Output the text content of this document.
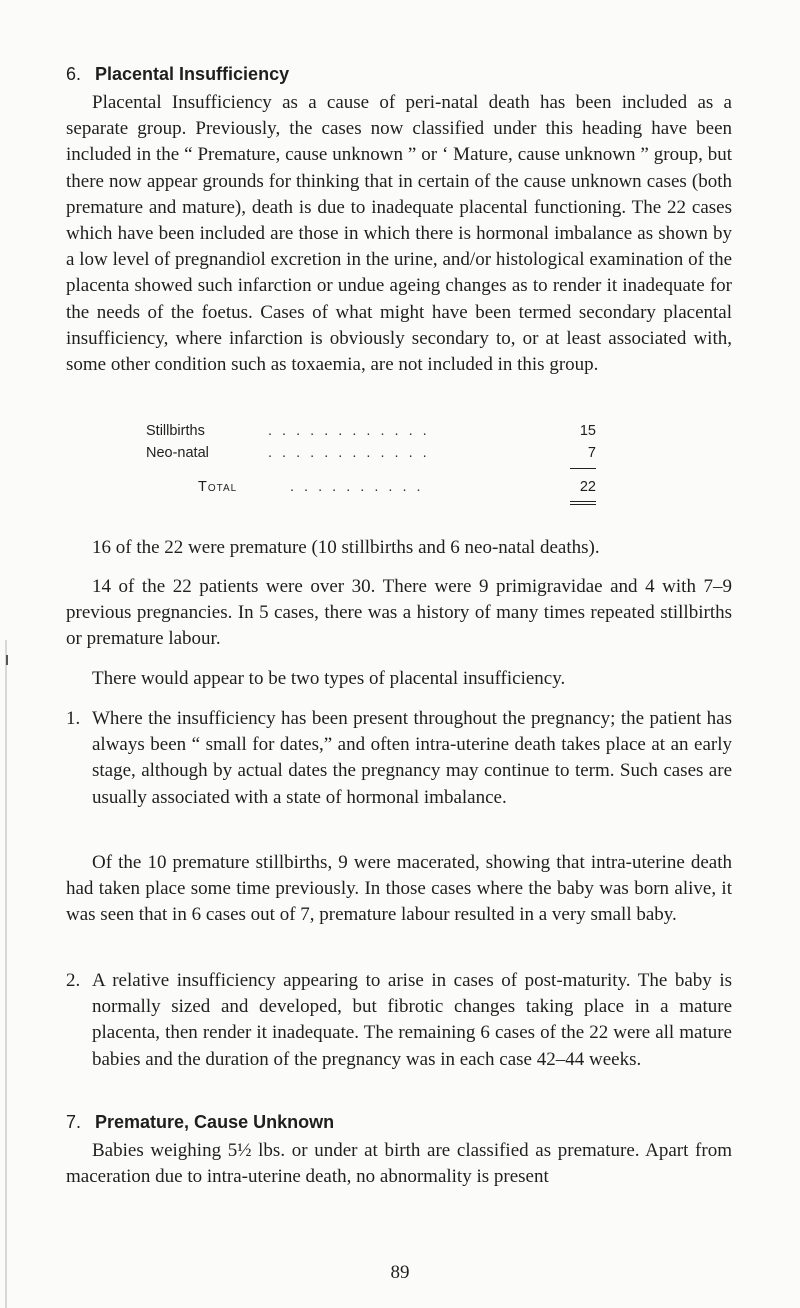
6. Placental Insufficiency
Placental Insufficiency as a cause of peri-natal death has been included as a separate group. Previously, the cases now classified under this heading have been included in the “ Premature, cause unknown ” or ‘ Mature, cause unknown ” group, but there now appear grounds for thinking that in certain of the cause unknown cases (both premature and mature), death is due to inadequate placental functioning. The 22 cases which have been included are those in which there is hormonal imbalance as shown by a low level of pregnandiol excretion in the urine, and/or histological examination of the placenta showed such infarction or undue ageing changes as to render it inadequate for the needs of the foetus. Cases of what might have been termed secondary placental insufficiency, where infarction is obviously secondary to, or at least associated with, some other condition such as toxaemia, are not included in this group.
Stillbirths	. . . . . . . . . . . .	15
Neo-natal	. . . . . . . . . . . .	7
Total	. . . . . . . . . .	22
16 of the 22 were premature (10 stillbirths and 6 neo-natal deaths).
14 of the 22 patients were over 30. There were 9 primigravidae and 4 with 7–9 previous pregnancies. In 5 cases, there was a history of many times repeated stillbirths or premature labour.
There would appear to be two types of placental insufficiency.
1. Where the insufficiency has been present throughout the pregnancy; the patient has always been “ small for dates,” and often intra-uterine death takes place at an early stage, although by actual dates the pregnancy may continue to term. Such cases are usually associated with a state of hormonal imbalance.
Of the 10 premature stillbirths, 9 were macerated, showing that intra-uterine death had taken place some time previously. In those cases where the baby was born alive, it was seen that in 6 cases out of 7, premature labour resulted in a very small baby.
2. A relative insufficiency appearing to arise in cases of post-maturity. The baby is normally sized and developed, but fibrotic changes taking place in a mature placenta, then render it inadequate. The remaining 6 cases of the 22 were all mature babies and the duration of the pregnancy was in each case 42–44 weeks.
7. Premature, Cause Unknown
Babies weighing 5½ lbs. or under at birth are classified as premature. Apart from maceration due to intra-uterine death, no abnormality is present
89
